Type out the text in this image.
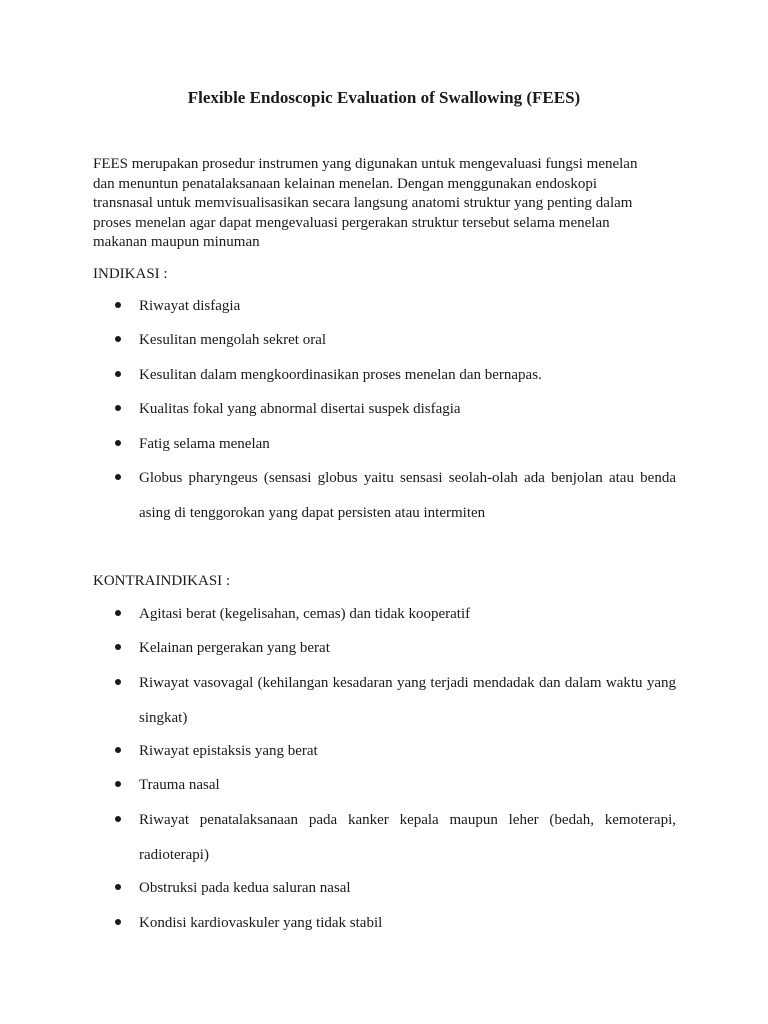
Flexible Endoscopic Evaluation of Swallowing (FEES)
FEES merupakan prosedur instrumen yang digunakan untuk mengevaluasi fungsi menelan
dan menuntun penatalaksanaan kelainan menelan. Dengan menggunakan endoskopi
transnasal untuk memvisualisasikan secara langsung anatomi struktur yang penting dalam
proses menelan agar dapat mengevaluasi pergerakan struktur tersebut selama menelan
makanan maupun minuman
INDIKASI :
Riwayat disfagia
Kesulitan mengolah sekret oral
Kesulitan dalam mengkoordinasikan proses menelan dan bernapas.
Kualitas fokal yang abnormal disertai suspek disfagia
Fatig selama menelan
Globus pharyngeus (sensasi globus yaitu sensasi seolah-olah ada benjolan atau benda asing di tenggorokan yang dapat persisten atau intermiten
KONTRAINDIKASI :
Agitasi berat (kegelisahan, cemas) dan tidak kooperatif
Kelainan pergerakan yang berat
Riwayat vasovagal (kehilangan kesadaran yang terjadi mendadak dan dalam waktu yang singkat)
Riwayat epistaksis yang berat
Trauma nasal
Riwayat penatalaksanaan pada kanker kepala maupun leher (bedah, kemoterapi, radioterapi)
Obstruksi pada kedua saluran nasal
Kondisi kardiovaskuler yang tidak stabil
